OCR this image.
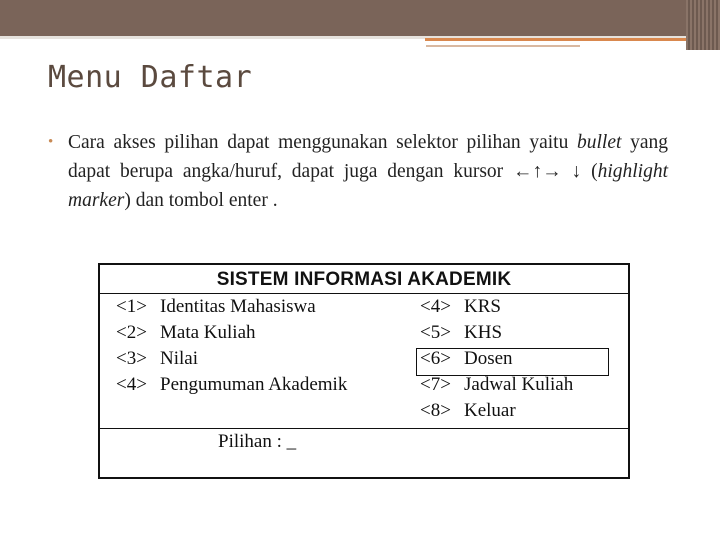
Menu Daftar
• Cara akses pilihan dapat menggunakan selektor pilihan yaitu bullet yang dapat berupa angka/huruf, dapat juga dengan kursor ←↑→ ↓ (highlight marker) dan tombol enter .
SISTEM INFORMASI AKADEMIK
<1> Identitas Mahasiswa
<2> Mata Kuliah
<3> Nilai
<4> Pengumuman Akademik
<4> KRS
<5> KHS
<6> Dosen
<7> Jadwal Kuliah
<8> Keluar
Pilihan : _
